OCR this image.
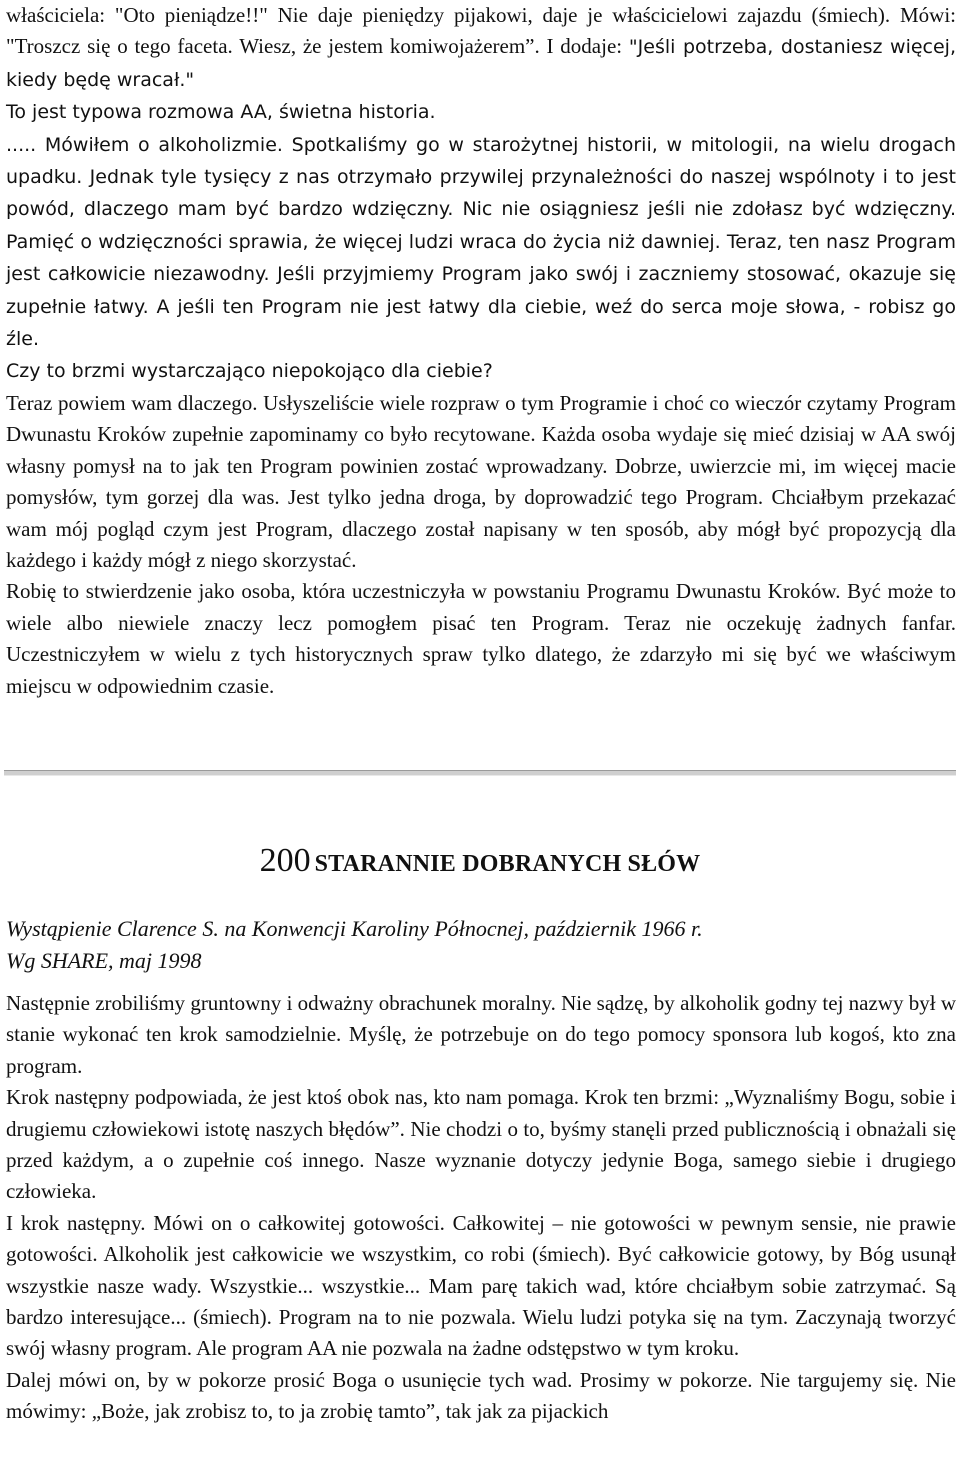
właściciela: "Oto pieniądze!!" Nie daje pieniędzy pijakowi, daje je właścicielowi zajazdu (śmiech). Mówi: "Troszcz się o tego faceta. Wiesz, że jestem komiwojażerem”. I dodaje: "Jeśli potrzeba, dostaniesz więcej, kiedy będę wracał."

To jest typowa rozmowa AA, świetna historia.

..... Mówiłem o alkoholizmie. Spotkaliśmy go w starożytnej historii, w mitologii, na wielu drogach upadku. Jednak tyle tysięcy z nas otrzymało przywilej przynależności do naszej wspólnoty i to jest powód, dlaczego mam być bardzo wdzięczny. Nic nie osiągniesz jeśli nie zdołasz być wdzięczny. Pamięć o wdzięczności sprawia, że więcej ludzi wraca do życia niż dawniej. Teraz, ten nasz Program jest całkowicie niezawodny. Jeśli przyjmiemy Program jako swój i zaczniemy stosować, okazuje się zupełnie łatwy. A jeśli ten Program nie jest łatwy dla ciebie, weź do serca moje słowa, - robisz go źle.

Czy to brzmi wystarczająco niepokojąco dla ciebie?

Teraz powiem wam dlaczego. Usłyszeliście wiele rozpraw o tym Programie i choć co wieczór czytamy Program Dwunastu Kroków zupełnie zapominamy co było recytowane. Każda osoba wydaje się mieć dzisiaj w AA swój własny pomysł na to jak ten Program powinien zostać wprowadzany. Dobrze, uwierzcie mi, im więcej macie pomysłów, tym gorzej dla was. Jest tylko jedna droga, by doprowadzić tego Program. Chciałbym przekazać wam mój pogląd czym jest Program, dlaczego został napisany w ten sposób, aby mógł być propozycją dla każdego i każdy mógł z niego skorzystać.

Robię to stwierdzenie jako osoba, która uczestniczyła w powstaniu Programu Dwunastu Kroków. Być może to wiele albo niewiele znaczy lecz pomogłem pisać ten Program. Teraz nie oczekuję żadnych fanfar. Uczestniczyłem w wielu z tych historycznych spraw tylko dlatego, że zdarzyło mi się być we właściwym miejscu w odpowiednim czasie.

200 STARANNIE DOBRANYCH SŁÓW
Wystąpienie Clarence S. na Konwencji Karoliny Północnej, październik 1966 r.
Wg SHARE, maj 1998

Następnie zrobiliśmy gruntowny i odważny obrachunek moralny. Nie sądzę, by alkoholik godny tej nazwy był w stanie wykonać ten krok samodzielnie. Myślę, że potrzebuje on do tego pomocy sponsora lub kogoś, kto zna program.

Krok następny podpowiada, że jest ktoś obok nas, kto nam pomaga. Krok ten brzmi: „Wyznaliśmy Bogu, sobie i drugiemu człowiekowi istotę naszych błędów”. Nie chodzi o to, byśmy stanęli przed publicznością i obnażali się przed każdym, a o zupełnie coś innego. Nasze wyznanie dotyczy jedynie Boga, samego siebie i drugiego człowieka.

I krok następny. Mówi on o całkowitej gotowości. Całkowitej – nie gotowości w pewnym sensie, nie prawie gotowości. Alkoholik jest całkowicie we wszystkim, co robi (śmiech). Być całkowicie gotowy, by Bóg usunął wszystkie nasze wady. Wszystkie... wszystkie... Mam parę takich wad, które chciałbym sobie zatrzymać. Są bardzo interesujące... (śmiech). Program na to nie pozwala. Wielu ludzi potyka się na tym. Zaczynają tworzyć swój własny program. Ale program AA nie pozwala na żadne odstępstwo w tym kroku.

Dalej mówi on, by w pokorze prosić Boga o usunięcie tych wad. Prosimy w pokorze. Nie targujemy się. Nie mówimy: „Boże, jak zrobisz to, to ja zrobię tamto”, tak jak za pijackich
